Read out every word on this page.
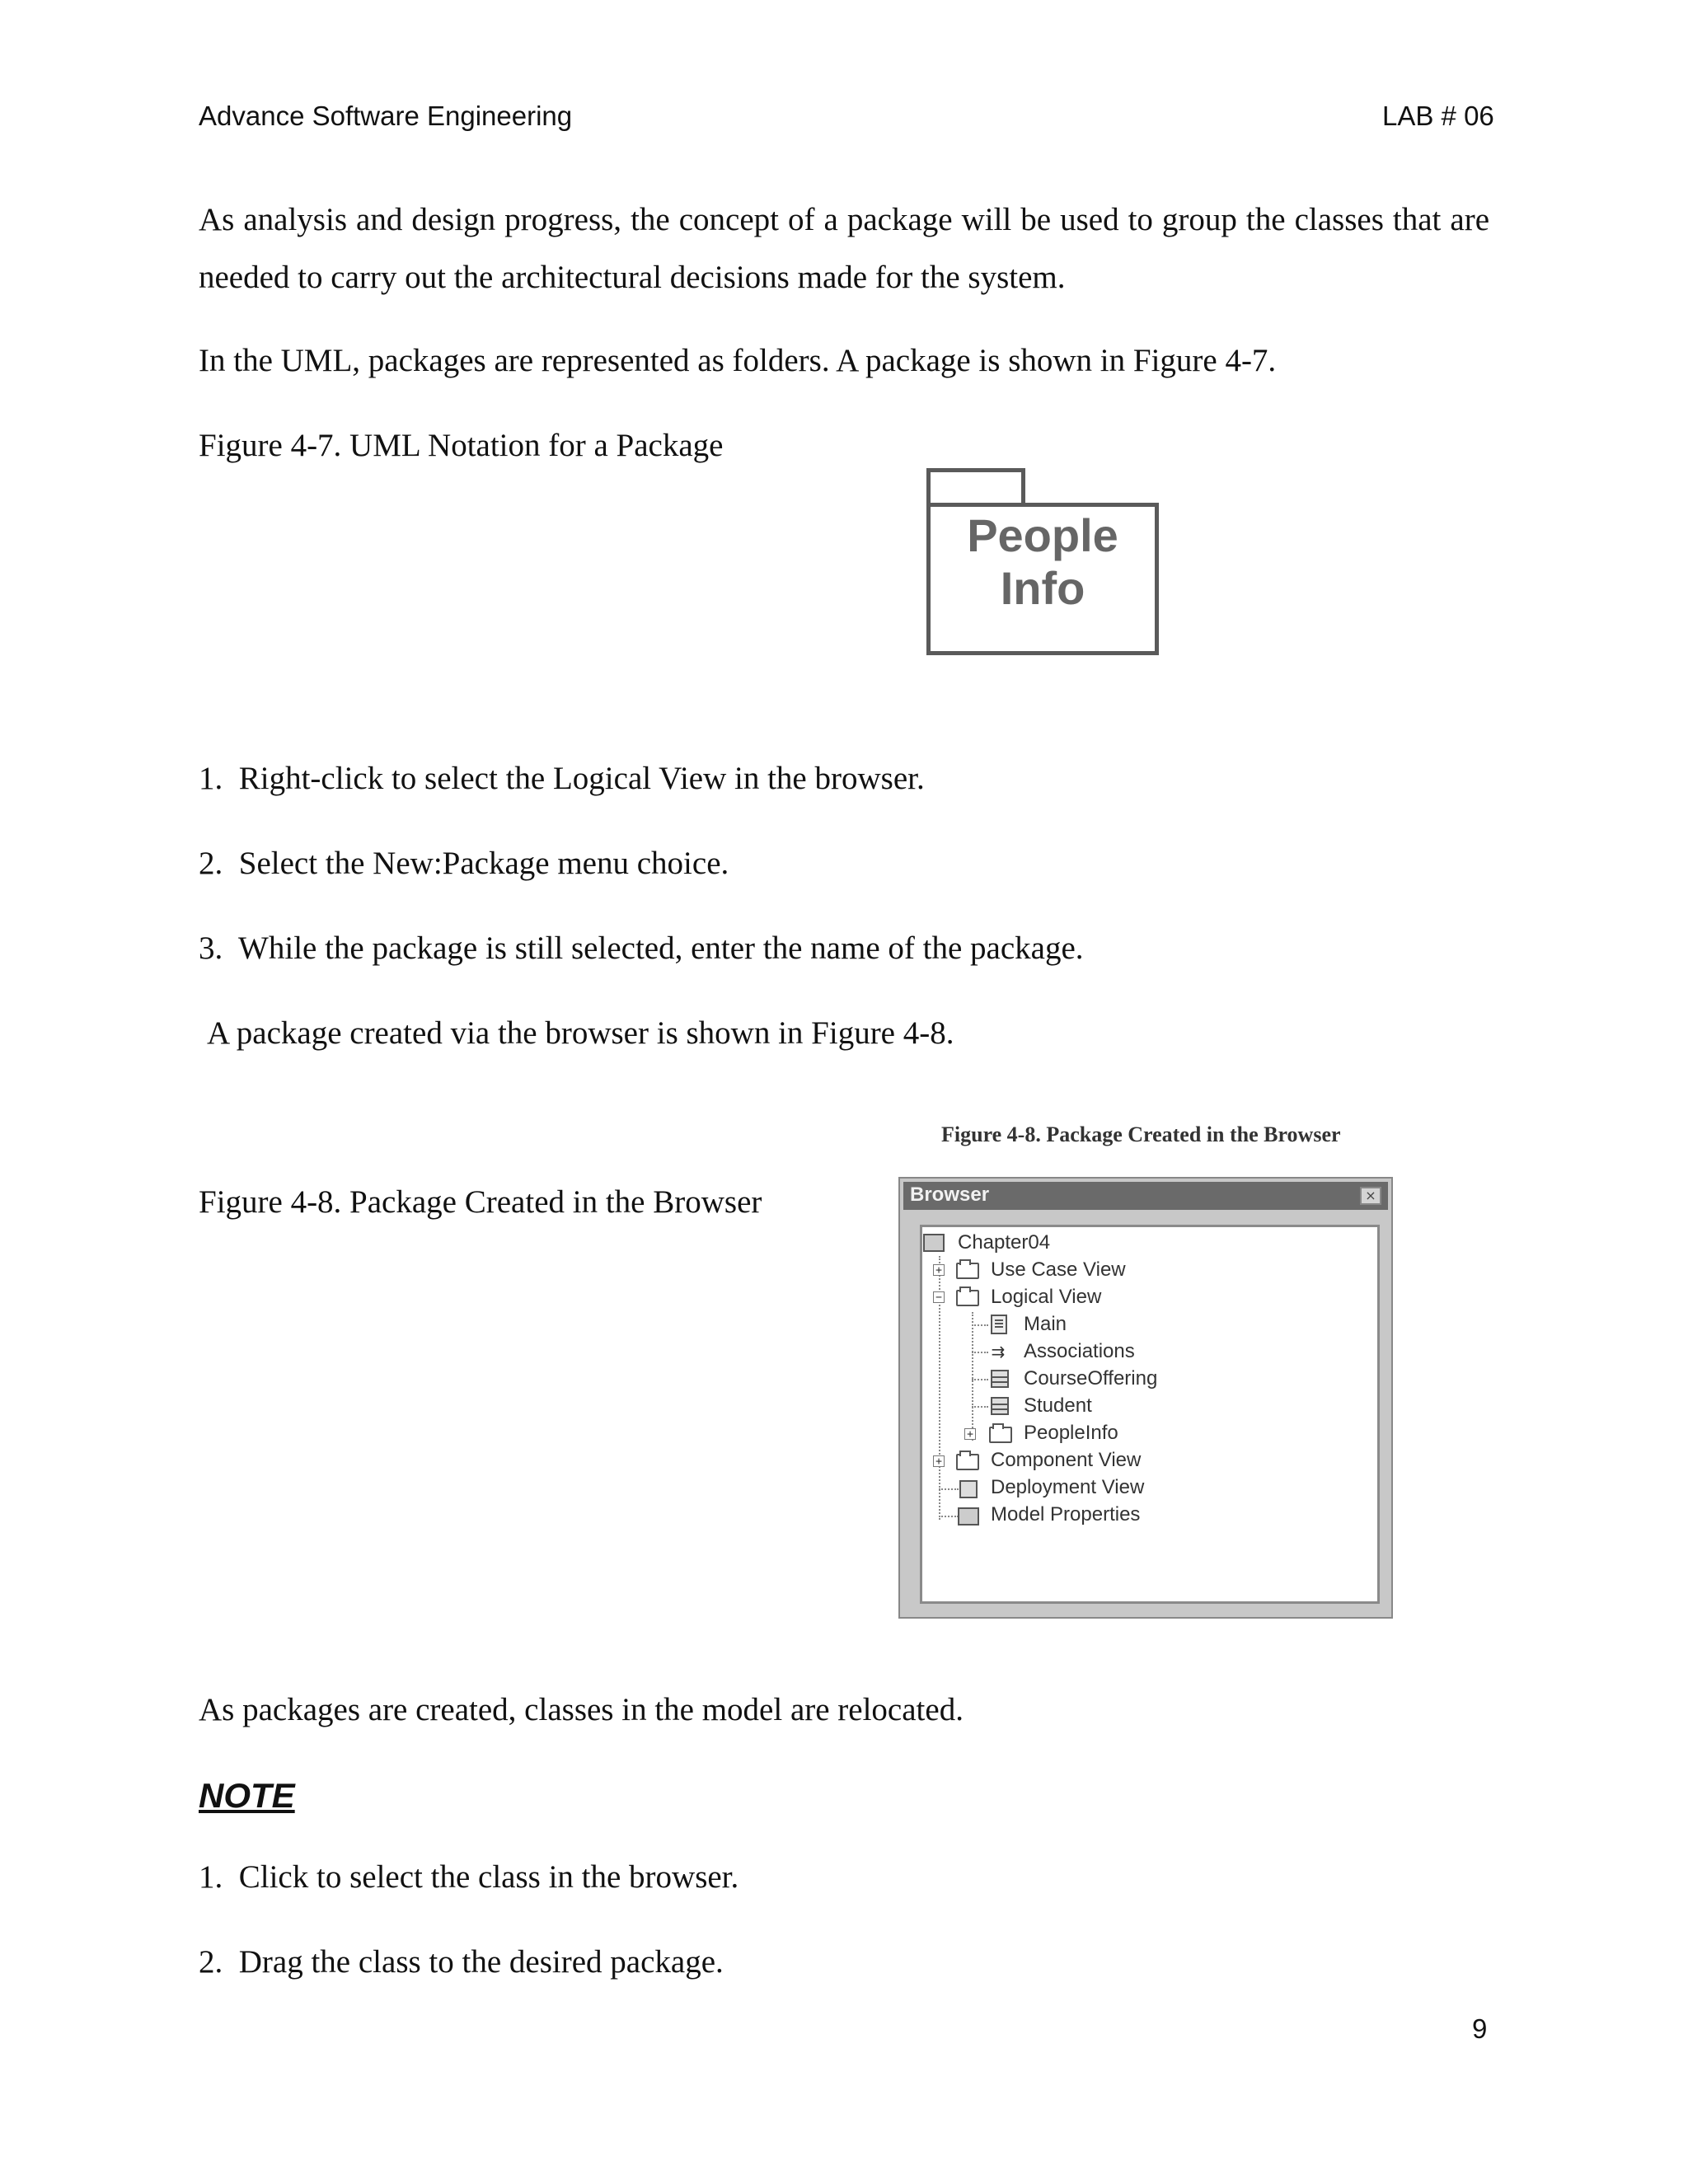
Advance Software Engineering	LAB # 06
As analysis and design progress, the concept of a package will be used to group the classes that are needed to carry out the architectural decisions made for the system.
In the UML, packages are represented as folders. A package is shown in Figure 4-7.
Figure 4-7. UML Notation for a Package
People
Info
1. Right-click to select the Logical View in the browser.
2. Select the New:Package menu choice.
3. While the package is still selected, enter the name of the package.
A package created via the browser is shown in Figure 4-8.
Figure 4-8. Package Created in the Browser
Figure 4-8. Package Created in the Browser	Browser	×
Chapter04
+ Use Case View
− Logical View
Main
⇉ Associations
CourseOffering
Student
+	PeopleInfo
+ Component View
Deployment View
Model Properties
As packages are created, classes in the model are relocated.
NOTE
1. Click to select the class in the browser.
2. Drag the class to the desired package.
9
